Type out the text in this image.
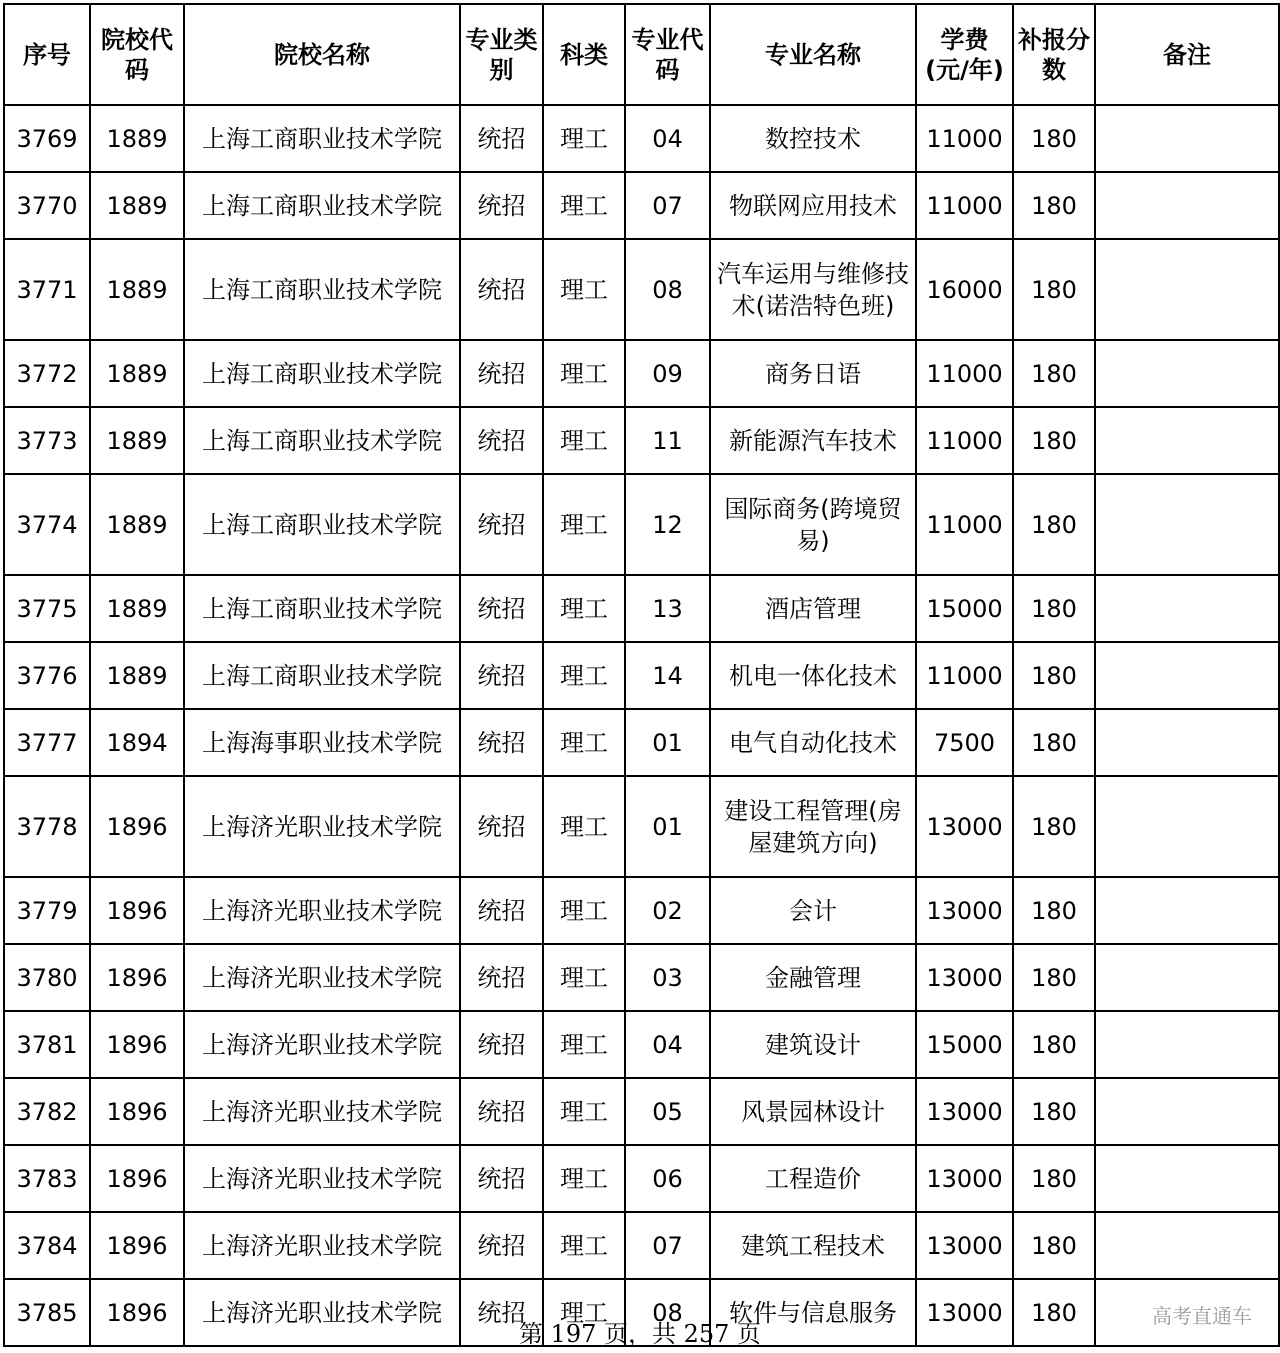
序号	院校代码	院校名称	专业类别	科类	专业代码	专业名称	学费(元/年)	补报分数	备注
3769	1889	上海工商职业技术学院	统招	理工	04	数控技术	11000	180	
3770	1889	上海工商职业技术学院	统招	理工	07	物联网应用技术	11000	180	
3771	1889	上海工商职业技术学院	统招	理工	08	汽车运用与维修技术(诺浩特色班)	16000	180	
3772	1889	上海工商职业技术学院	统招	理工	09	商务日语	11000	180	
3773	1889	上海工商职业技术学院	统招	理工	11	新能源汽车技术	11000	180	
3774	1889	上海工商职业技术学院	统招	理工	12	国际商务(跨境贸易)	11000	180	
3775	1889	上海工商职业技术学院	统招	理工	13	酒店管理	15000	180	
3776	1889	上海工商职业技术学院	统招	理工	14	机电一体化技术	11000	180	
3777	1894	上海海事职业技术学院	统招	理工	01	电气自动化技术	7500	180	
3778	1896	上海济光职业技术学院	统招	理工	01	建设工程管理(房屋建筑方向)	13000	180	
3779	1896	上海济光职业技术学院	统招	理工	02	会计	13000	180	
3780	1896	上海济光职业技术学院	统招	理工	03	金融管理	13000	180	
3781	1896	上海济光职业技术学院	统招	理工	04	建筑设计	15000	180	
3782	1896	上海济光职业技术学院	统招	理工	05	风景园林设计	13000	180	
3783	1896	上海济光职业技术学院	统招	理工	06	工程造价	13000	180	
3784	1896	上海济光职业技术学院	统招	理工	07	建筑工程技术	13000	180	
3785	1896	上海济光职业技术学院	统招	理工	08	软件与信息服务	13000	180	
第 197 页，共 257 页
高考直通车
